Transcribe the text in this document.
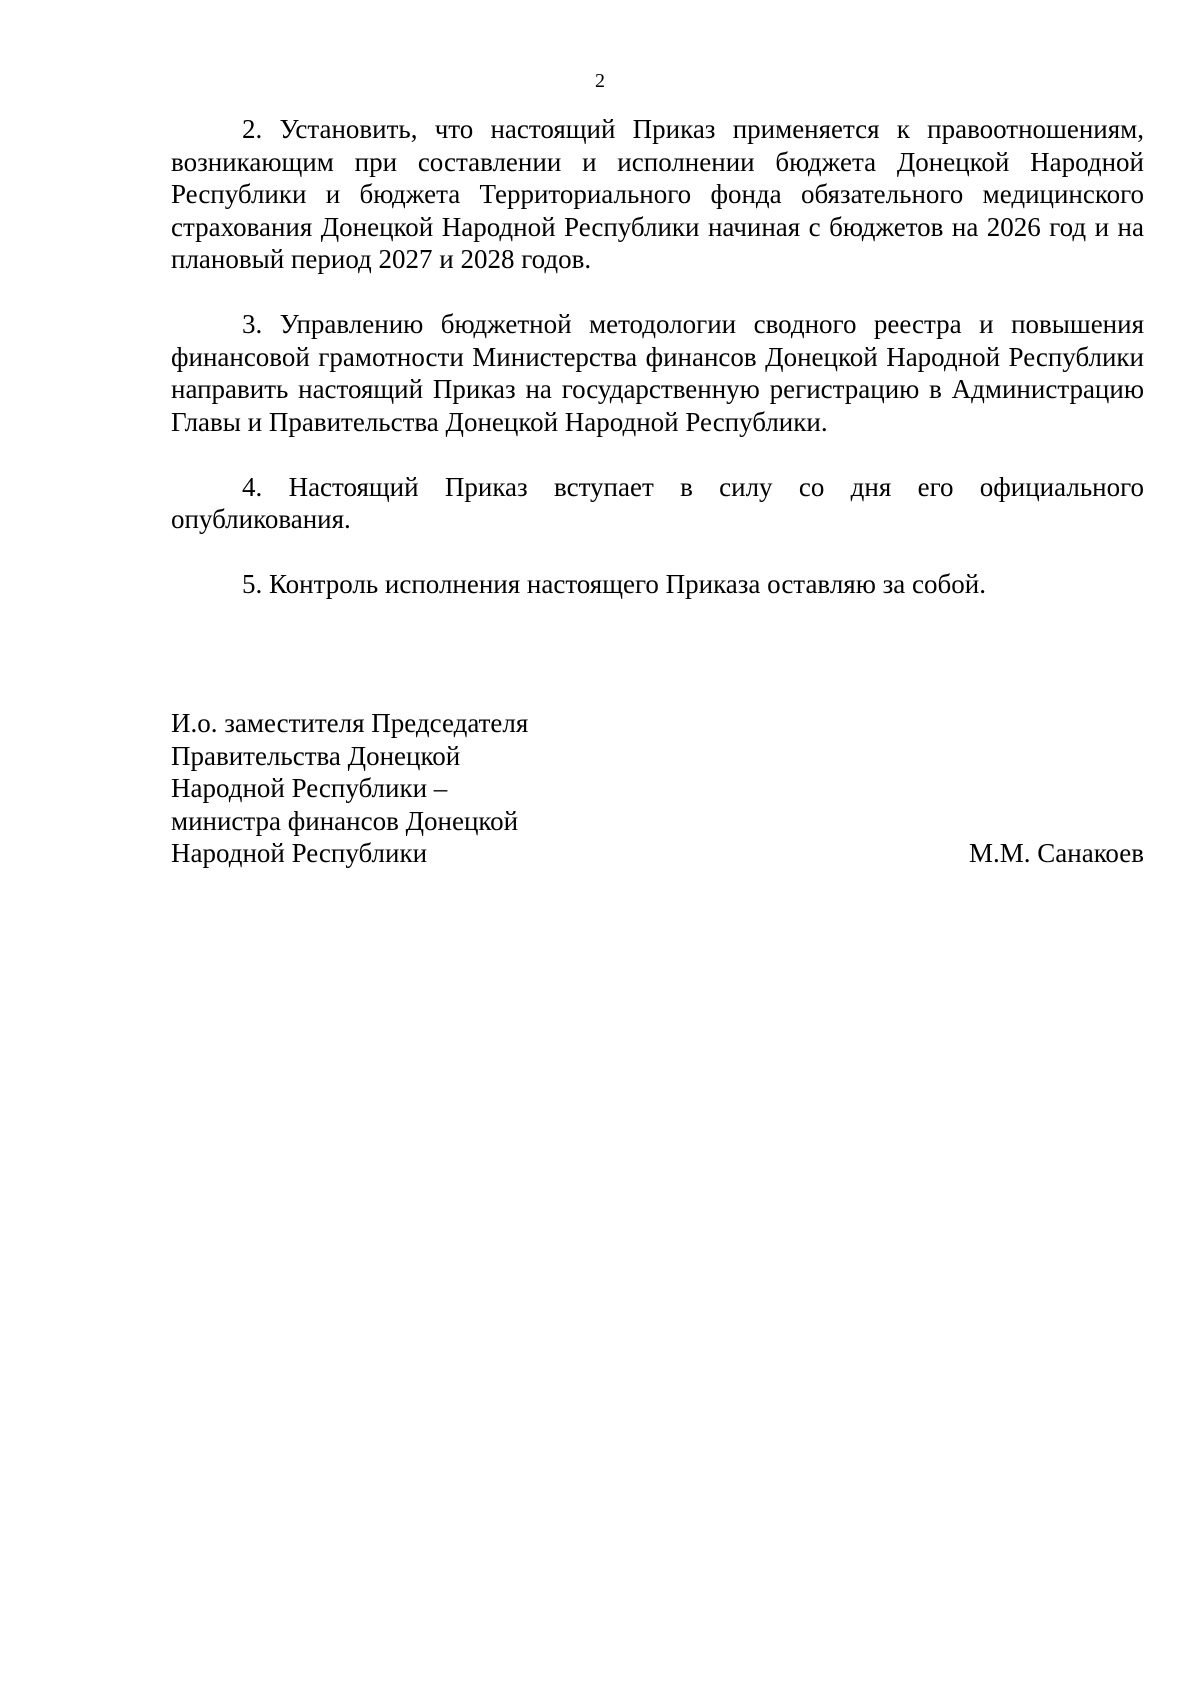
2

2. Установить, что настоящий Приказ применяется к правоотношениям, возникающим при составлении и исполнении бюджета Донецкой Народной Республики и бюджета Территориального фонда обязательного медицинского страхования Донецкой Народной Республики начиная с бюджетов на 2026 год и на плановый период 2027 и 2028 годов.

3. Управлению бюджетной методологии сводного реестра и повышения финансовой грамотности Министерства финансов Донецкой Народной Республики направить настоящий Приказ на государственную регистрацию в Администрацию Главы и Правительства Донецкой Народной Республики.

4. Настоящий Приказ вступает в силу со дня его официального опубликования.

5. Контроль исполнения настоящего Приказа оставляю за собой.

И.о. заместителя Председателя
Правительства Донецкой
Народной Республики –
министра финансов Донецкой
Народной Республики	М.М. Санакоев
